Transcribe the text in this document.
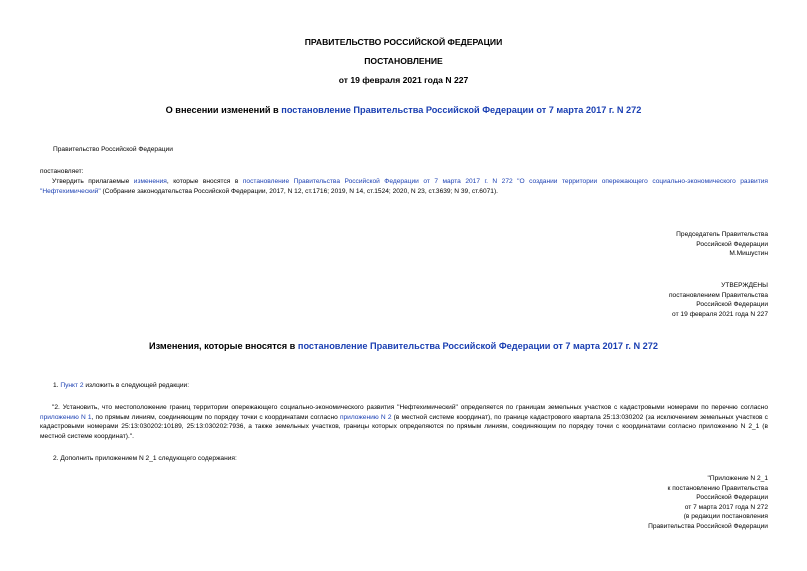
ПРАВИТЕЛЬСТВО РОССИЙСКОЙ ФЕДЕРАЦИИ
ПОСТАНОВЛЕНИЕ
от 19 февраля 2021 года N 227
О внесении изменений в постановление Правительства Российской Федерации от 7 марта 2017 г. N 272
Правительство Российской Федерации
постановляет:
Утвердить прилагаемые изменения, которые вносятся в постановление Правительства Российской Федерации от 7 марта 2017 г. N 272 "О создании территории опережающего социально-экономического развития "Нефтехимический" (Собрание законодательства Российской Федерации, 2017, N 12, ст.1716; 2019, N 14, ст.1524; 2020, N 23, ст.3639; N 39, ст.6071).
Председатель Правительства
Российской Федерации
М.Мишустин
УТВЕРЖДЕНЫ
постановлением Правительства
Российской Федерации
от 19 февраля 2021 года N 227
Изменения, которые вносятся в постановление Правительства Российской Федерации от 7 марта 2017 г. N 272
1. Пункт 2 изложить в следующей редакции:
"2. Установить, что местоположение границ территории опережающего социально-экономического развития "Нефтехимический" определяется по границам земельных участков с кадастровыми номерами по перечню согласно приложению N 1, по прямым линиям, соединяющим по порядку точки с координатами согласно приложению N 2 (в местной системе координат), по границе кадастрового квартала 25:13:030202 (за исключением земельных участков с кадастровыми номерами 25:13:030202:10189, 25:13:030202:7936, а также земельных участков, границы которых определяются по прямым линиям, соединяющим по порядку точки с координатами согласно приложению N 2_1 (в местной системе координат).".
2. Дополнить приложением N 2_1 следующего содержания:
"Приложение N 2_1
к постановлению Правительства
Российской Федерации
от 7 марта 2017 года N 272
(в редакции постановления
Правительства Российской Федерации
